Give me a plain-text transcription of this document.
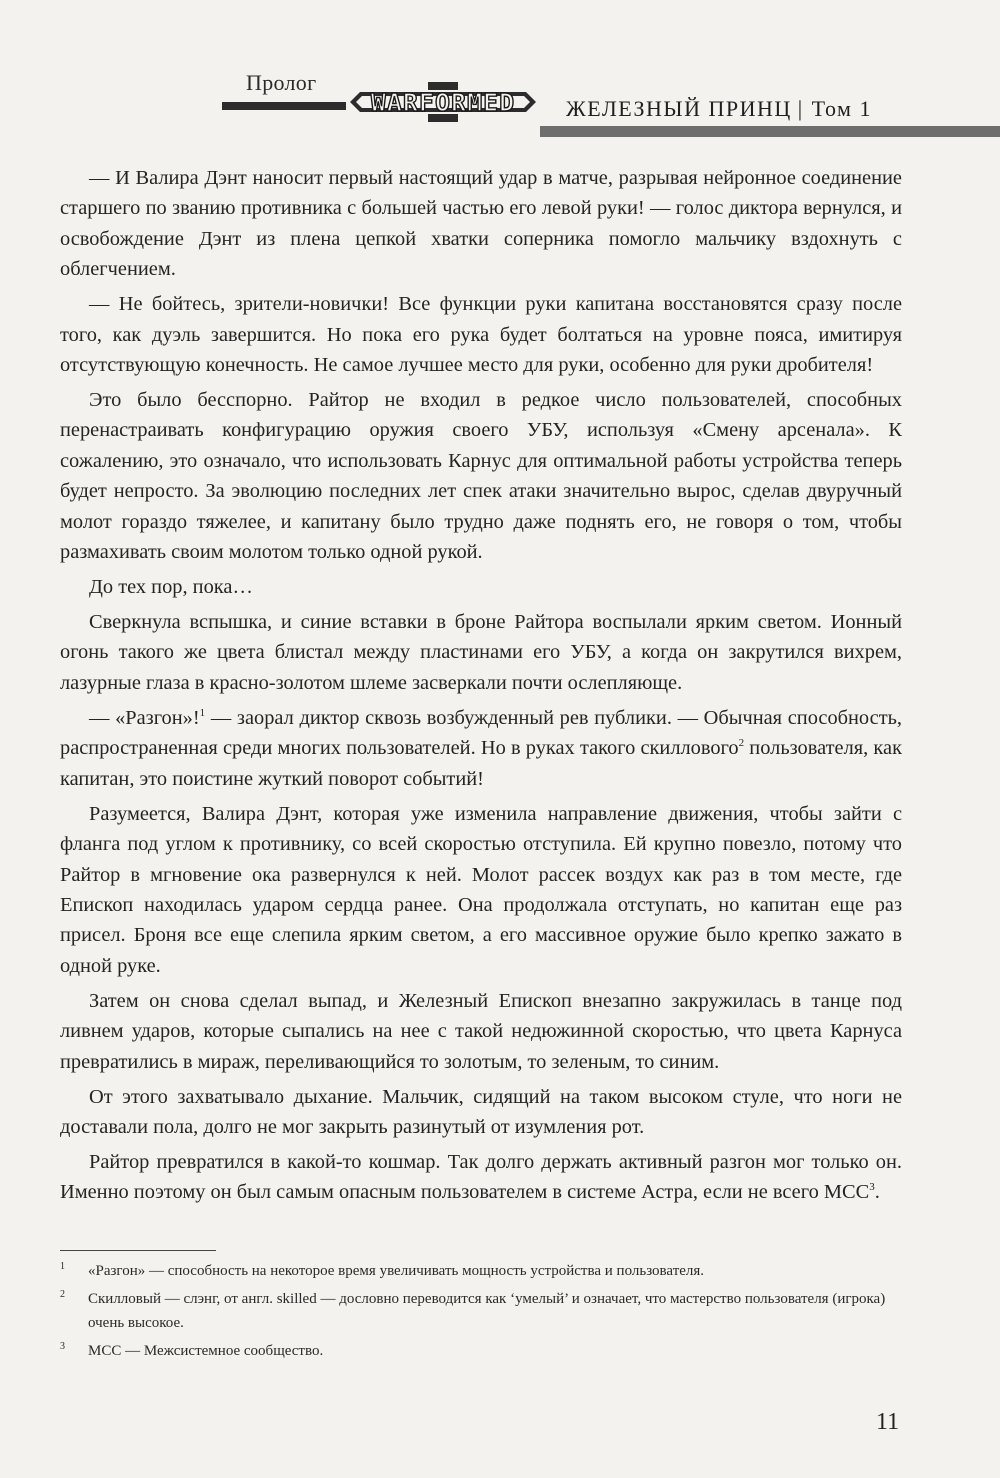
Пролог
WARFORMED ЖЕЛЕЗНЫЙ ПРИНЦ | Том 1

— И Валира Дэнт наносит первый настоящий удар в матче, разрывая нейронное соединение старшего по званию противника с большей частью его левой руки! — голос диктора вернулся, и освобождение Дэнт из плена цепкой хватки соперника помогло мальчику вздохнуть с облегчением.

— Не бойтесь, зрители-новички! Все функции руки капитана восстановятся сразу после того, как дуэль завершится. Но пока его рука будет болтаться на уровне пояса, имитируя отсутствующую конечность. Не самое лучшее место для руки, особенно для руки дробителя!

Это было бесспорно. Райтор не входил в редкое число пользователей, способных перенастраивать конфигурацию оружия своего УБУ, используя «Смену арсенала». К сожалению, это означало, что использовать Карнус для оптимальной работы устройства теперь будет непросто. За эволюцию последних лет спек атаки значительно вырос, сделав двуручный молот гораздо тяжелее, и капитану было трудно даже поднять его, не говоря о том, чтобы размахивать своим молотом только одной рукой.

До тех пор, пока…

Сверкнула вспышка, и синие вставки в броне Райтора воспылали ярким светом. Ионный огонь такого же цвета блистал между пластинами его УБУ, а когда он закрутился вихрем, лазурные глаза в красно-золотом шлеме засверкали почти ослепляюще.

— «Разгон»!$^1$ — заорал диктор сквозь возбужденный рев публики. — Обычная способность, распространенная среди многих пользователей. Но в руках такого скиллового$^2$ пользователя, как капитан, это поистине жуткий поворот событий!

Разумеется, Валира Дэнт, которая уже изменила направление движения, чтобы зайти с фланга под углом к противнику, со всей скоростью отступила. Ей крупно повезло, потому что Райтор в мгновение ока развернулся к ней. Молот рассек воздух как раз в том месте, где Епископ находилась ударом сердца ранее. Она продолжала отступать, но капитан еще раз присел. Броня все еще слепила ярким светом, а его массивное оружие было крепко зажато в одной руке.

Затем он снова сделал выпад, и Железный Епископ внезапно закружилась в танце под ливнем ударов, которые сыпались на нее с такой недюжинной скоростью, что цвета Карнуса превратились в мираж, переливающийся то золотым, то зеленым, то синим.

От этого захватывало дыхание. Мальчик, сидящий на таком высоком стуле, что ноги не доставали пола, долго не мог закрыть разинутый от изумления рот.

Райтор превратился в какой-то кошмар. Так долго держать активный разгон мог только он. Именно поэтому он был самым опасным пользователем в системе Астра, если не всего МСС$^3$.

1 «Разгон» — способность на некоторое время увеличивать мощность устройства и пользователя.
2 Скилловый — слэнг, от англ. skilled — дословно переводится как ‘умелый’ и означает, что мастерство пользователя (игрока) очень высокое.
3 МСС — Межсистемное сообщество.
11
